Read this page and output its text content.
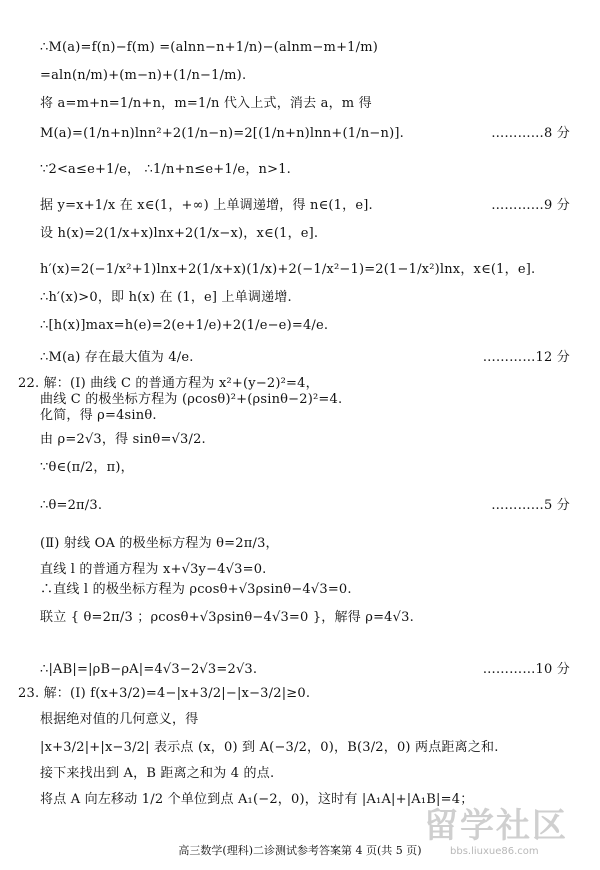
∴M(a)=f(n)−f(m) =(alnn−n+1/n)−(alnm−m+1/m)
=aln(n/m)+(m−n)+(1/n−1/m).
将 a=m+n=1/n+n，m=1/n 代入上式，消去 a，m 得
M(a)=(1/n+n)lnn²+2(1/n−n)=2[(1/n+n)lnn+(1/n−n)].	…………8 分
∵2<a≤e+1/e， ∴1/n+n≤e+1/e，n>1.
据 y=x+1/x 在 x∈(1，+∞) 上单调递增，得 n∈(1，e].	…………9 分
设 h(x)=2(1/x+x)lnx+2(1/x−x)，x∈(1，e].
h′(x)=2(−1/x²+1)lnx+2(1/x+x)(1/x)+2(−1/x²−1)=2(1−1/x²)lnx，x∈(1，e].
∴h′(x)>0，即 h(x) 在 (1，e] 上单调递增.
∴[h(x)]max=h(e)=2(e+1/e)+2(1/e−e)=4/e.
∴M(a) 存在最大值为 4/e.	…………12 分
22. 解：(Ⅰ) 曲线 C 的普通方程为 x²+(y−2)²=4，
曲线 C 的极坐标方程为 (ρcosθ)²+(ρsinθ−2)²=4.
化简，得 ρ=4sinθ.
由 ρ=2√3，得 sinθ=√3/2.
∵θ∈(π/2，π)，
∴θ=2π/3.	…………5 分
(Ⅱ) 射线 OA 的极坐标方程为 θ=2π/3，
直线 l 的普通方程为 x+√3y−4√3=0.
∴直线 l 的极坐标方程为 ρcosθ+√3ρsinθ−4√3=0.
联立 { θ=2π/3 ；ρcosθ+√3ρsinθ−4√3=0 }，解得 ρ=4√3.
∴|AB|=|ρB−ρA|=4√3−2√3=2√3.	…………10 分
23. 解：(Ⅰ) f(x+3/2)=4−|x+3/2|−|x−3/2|≥0.
根据绝对值的几何意义，得
|x+3/2|+|x−3/2| 表示点 (x，0) 到 A(−3/2，0)，B(3/2，0) 两点距离之和.
接下来找出到 A，B 距离之和为 4 的点.
将点 A 向左移动 1/2 个单位到点 A₁(−2，0)，这时有 |A₁A|+|A₁B|=4；
高三数学(理科)二诊测试参考答案第 4 页(共 5 页)
留学社区
bbs.liuxue86.com
